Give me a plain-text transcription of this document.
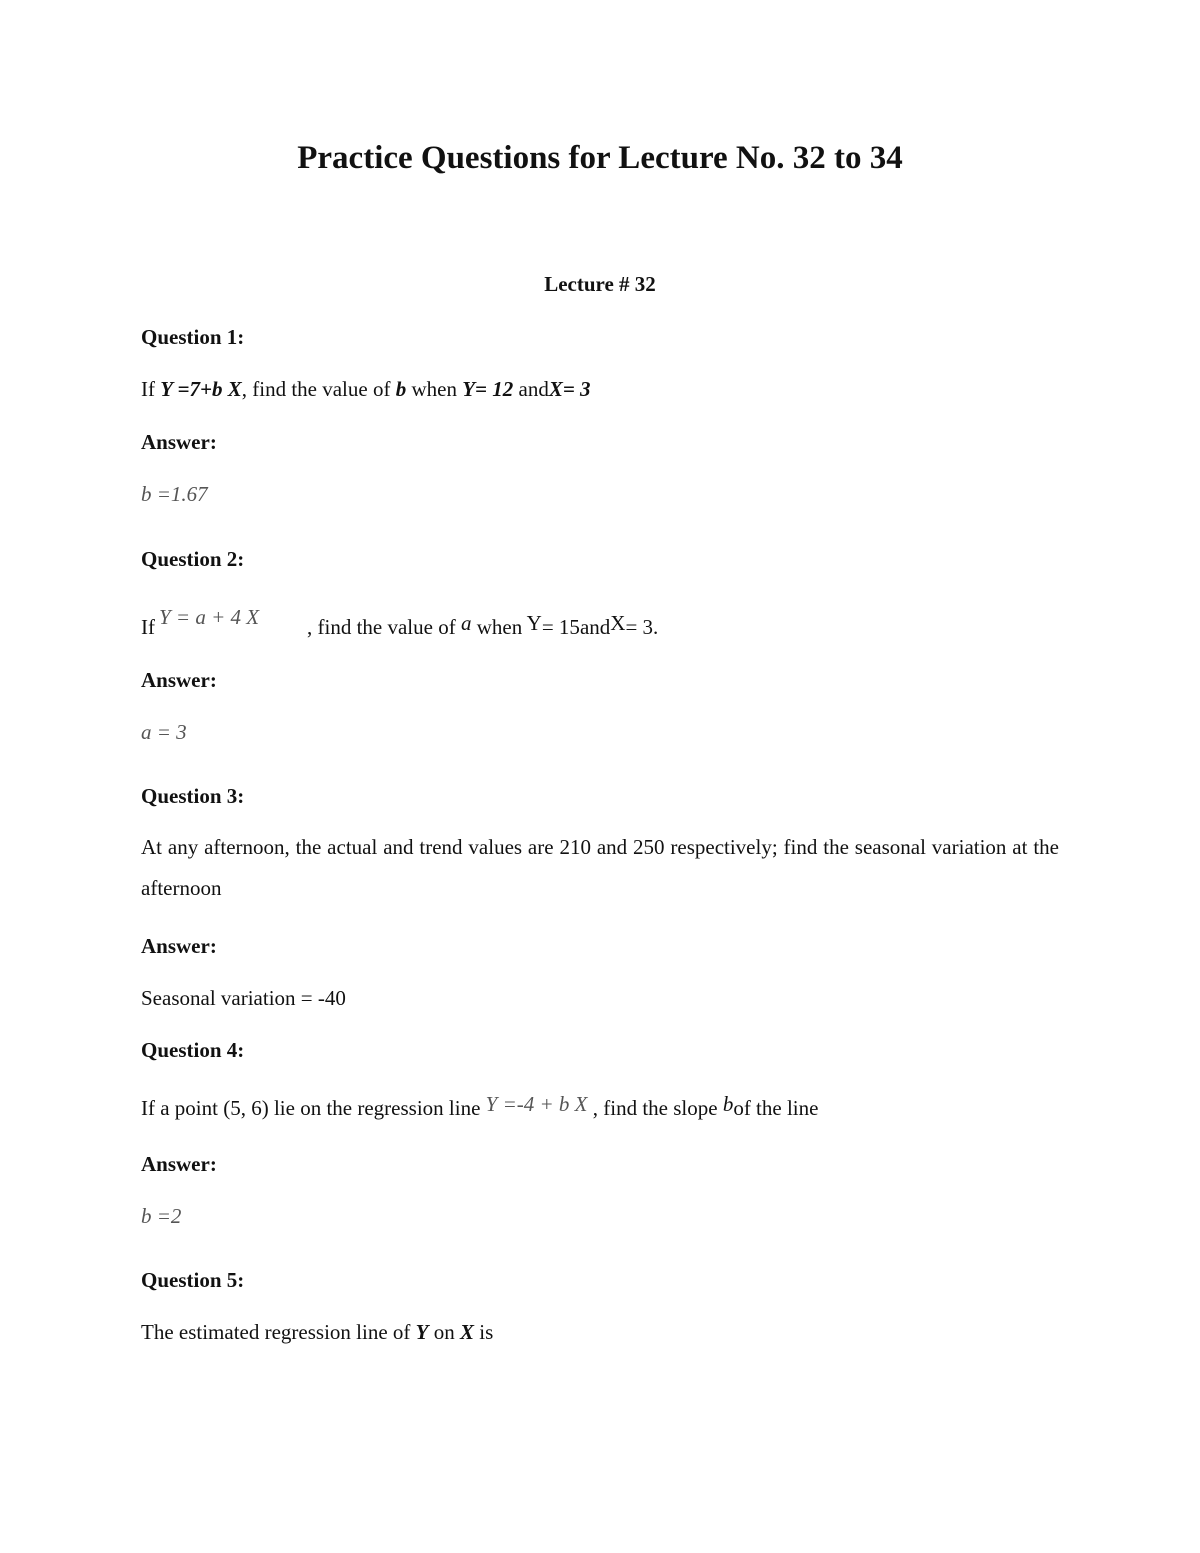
Practice Questions for Lecture No. 32 to 34
Lecture # 32
Question 1:
If Y =7+b X, find the value of b when Y= 12 andX= 3
Answer:
b =1.67
Question 2:
If Y = a + 4 X , find the value of a when Y= 15andX= 3.
Answer:
a = 3
Question 3:
At any afternoon, the actual and trend values are 210 and 250 respectively; find the seasonal variation at the afternoon
Answer:
Seasonal variation = -40
Question 4:
If a point (5, 6) lie on the regression line Y =-4 + b X , find the slope bof the line
Answer:
b =2
Question 5:
The estimated regression line of Y on X is
